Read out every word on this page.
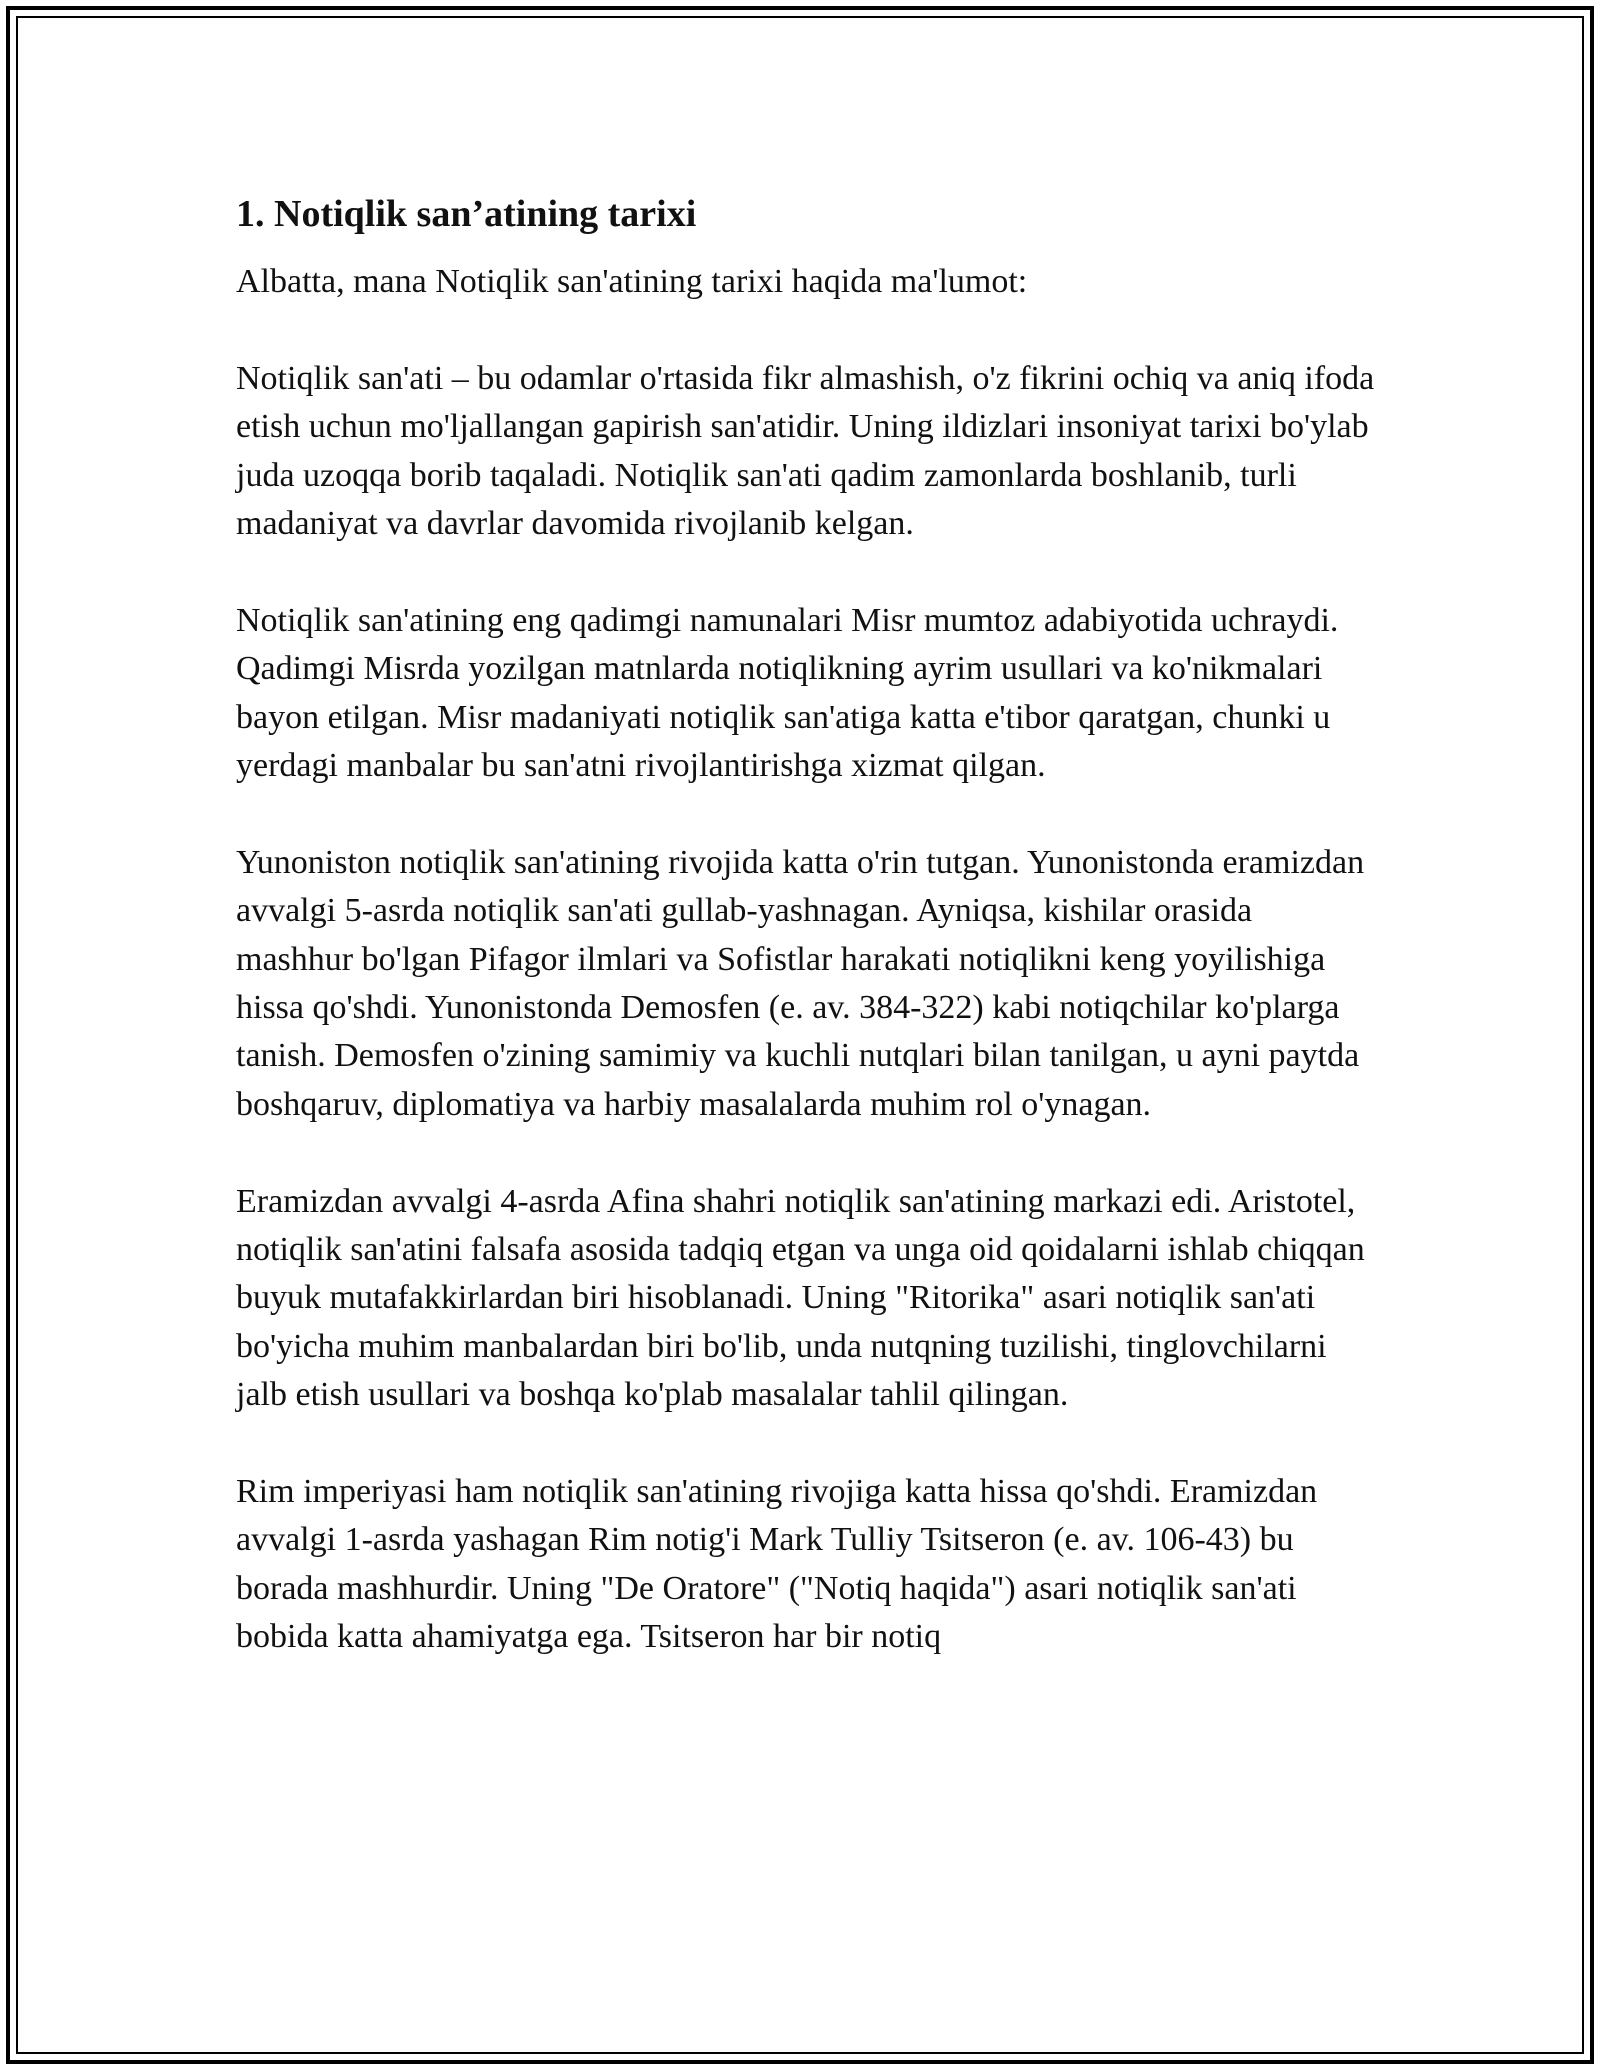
1. Notiqlik san’atining tarixi

Albatta, mana Notiqlik san'atining tarixi haqida ma'lumot:

Notiqlik san'ati – bu odamlar o'rtasida fikr almashish, o'z fikrini ochiq va aniq ifoda etish uchun mo'ljallangan gapirish san'atidir. Uning ildizlari insoniyat tarixi bo'ylab juda uzoqqa borib taqaladi. Notiqlik san'ati qadim zamonlarda boshlanib, turli madaniyat va davrlar davomida rivojlanib kelgan.

Notiqlik san'atining eng qadimgi namunalari Misr mumtoz adabiyotida uchraydi. Qadimgi Misrda yozilgan matnlarda notiqlikning ayrim usullari va ko'nikmalari bayon etilgan. Misr madaniyati notiqlik san'atiga katta e'tibor qaratgan, chunki u yerdagi manbalar bu san'atni rivojlantirishga xizmat qilgan.

Yunoniston notiqlik san'atining rivojida katta o'rin tutgan. Yunonistonda eramizdan avvalgi 5-asrda notiqlik san'ati gullab-yashnagan. Ayniqsa, kishilar orasida mashhur bo'lgan Pifagor ilmlari va Sofistlar harakati notiqlikni keng yoyilishiga hissa qo'shdi. Yunonistonda Demosfen (e. av. 384-322) kabi notiqchilar ko'plarga tanish. Demosfen o'zining samimiy va kuchli nutqlari bilan tanilgan, u ayni paytda boshqaruv, diplomatiya va harbiy masalalarda muhim rol o'ynagan.

Eramizdan avvalgi 4-asrda Afina shahri notiqlik san'atining markazi edi. Aristotel, notiqlik san'atini falsafa asosida tadqiq etgan va unga oid qoidalarni ishlab chiqqan buyuk mutafakkirlardan biri hisoblanadi. Uning "Ritorika" asari notiqlik san'ati bo'yicha muhim manbalardan biri bo'lib, unda nutqning tuzilishi, tinglovchilarni jalb etish usullari va boshqa ko'plab masalalar tahlil qilingan.

Rim imperiyasi ham notiqlik san'atining rivojiga katta hissa qo'shdi. Eramizdan avvalgi 1-asrda yashagan Rim notig'i Mark Tulliy Tsitseron (e. av. 106-43) bu borada mashhurdir. Uning "De Oratore" ("Notiq haqida") asari notiqlik san'ati bobida katta ahamiyatga ega. Tsitseron har bir notiq
